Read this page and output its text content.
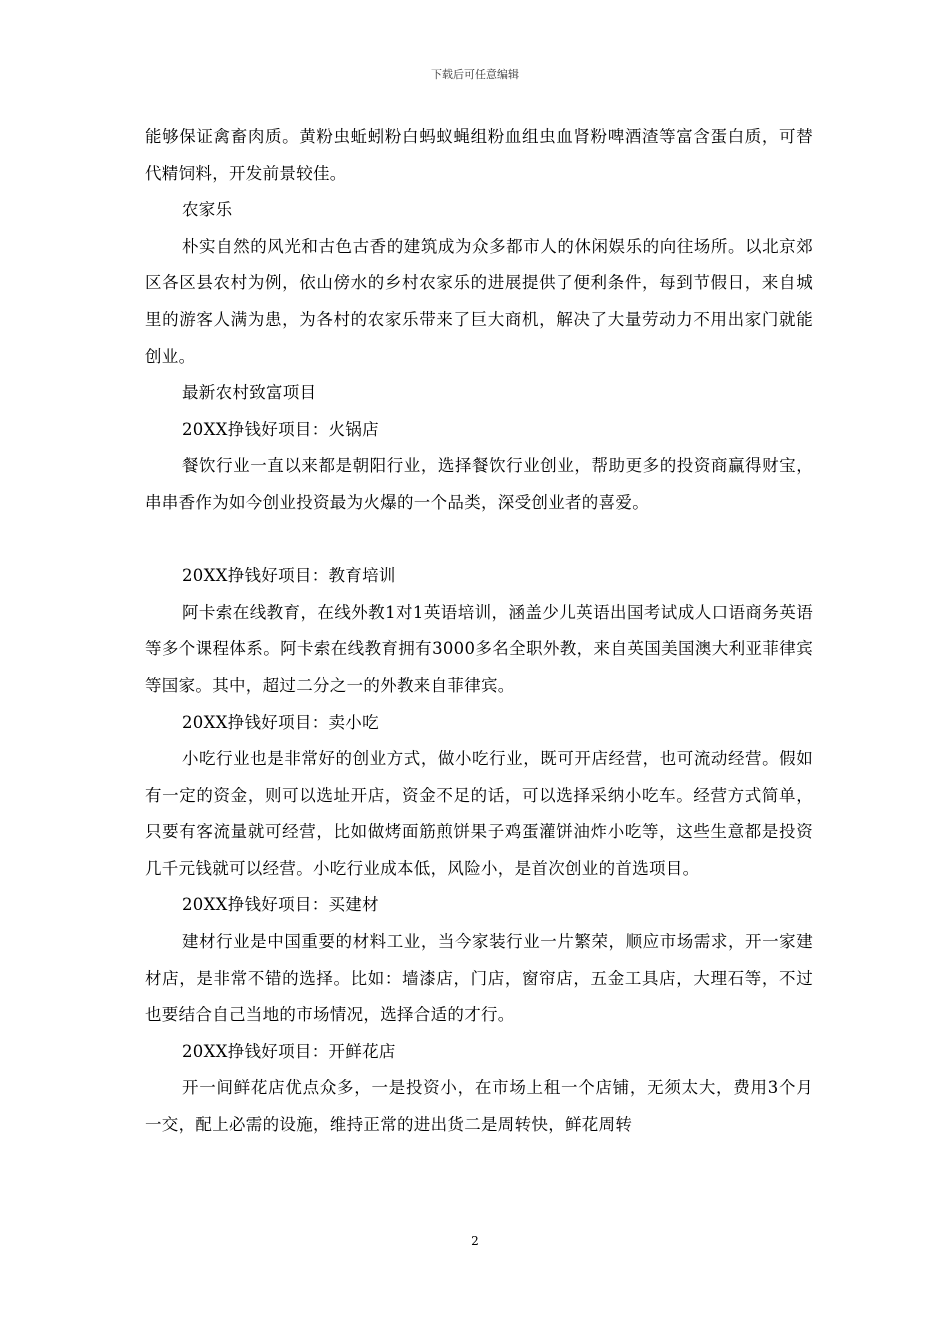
下载后可任意编辑

能够保证禽畜肉质。黄粉虫蚯蚓粉白蚂蚁蝇组粉血组虫血肾粉啤酒渣等富含蛋白质，可替代精饲料，开发前景较佳。

农家乐

朴实自然的风光和古色古香的建筑成为众多都市人的休闲娱乐的向往场所。以北京郊区各区县农村为例，依山傍水的乡村农家乐的进展提供了便利条件，每到节假日，来自城里的游客人满为患，为各村的农家乐带来了巨大商机，解决了大量劳动力不用出家门就能创业。

最新农村致富项目

20XX挣钱好项目：火锅店

餐饮行业一直以来都是朝阳行业，选择餐饮行业创业，帮助更多的投资商赢得财宝，串串香作为如今创业投资最为火爆的一个品类，深受创业者的喜爱。

20XX挣钱好项目：教育培训

阿卡索在线教育，在线外教1对1英语培训，涵盖少儿英语出国考试成人口语商务英语等多个课程体系。阿卡索在线教育拥有3000多名全职外教，来自英国美国澳大利亚菲律宾等国家。其中，超过二分之一的外教来自菲律宾。

20XX挣钱好项目：卖小吃

小吃行业也是非常好的创业方式，做小吃行业，既可开店经营，也可流动经营。假如有一定的资金，则可以选址开店，资金不足的话，可以选择采纳小吃车。经营方式简单，只要有客流量就可经营，比如做烤面筋煎饼果子鸡蛋灌饼油炸小吃等，这些生意都是投资几千元钱就可以经营。小吃行业成本低，风险小，是首次创业的首选项目。

20XX挣钱好项目：买建材

建材行业是中国重要的材料工业，当今家装行业一片繁荣，顺应市场需求，开一家建材店，是非常不错的选择。比如：墙漆店，门店，窗帘店，五金工具店，大理石等，不过也要结合自己当地的市场情况，选择合适的才行。

20XX挣钱好项目：开鲜花店

开一间鲜花店优点众多，一是投资小，在市场上租一个店铺，无须太大，费用3个月一交，配上必需的设施，维持正常的进出货二是周转快，鲜花周转

2
